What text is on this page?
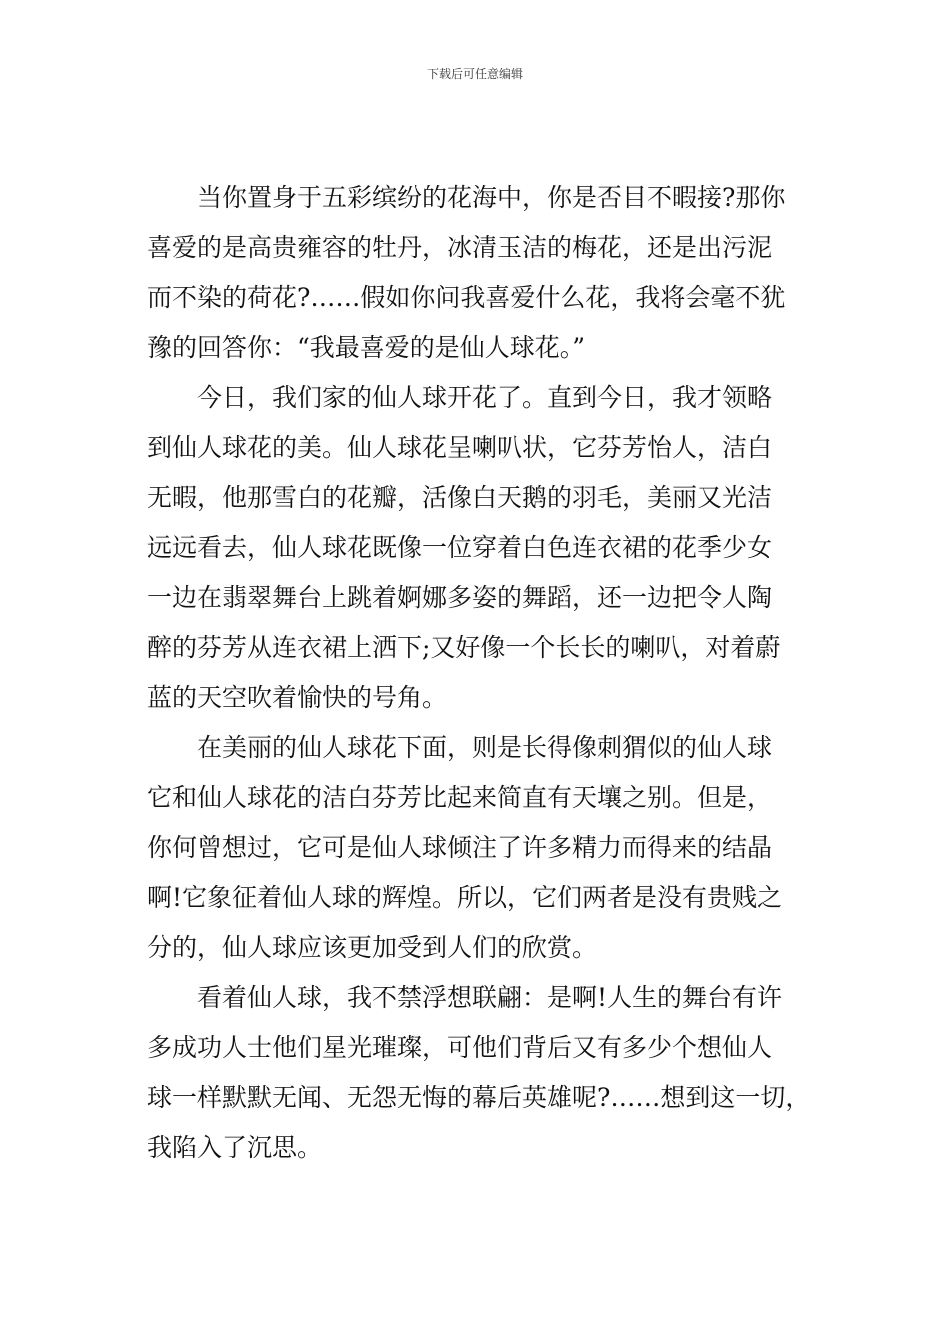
下载后可任意编辑
当你置身于五彩缤纷的花海中，你是否目不暇接?那你
喜爱的是高贵雍容的牡丹，冰清玉洁的梅花，还是出污泥
而不染的荷花?……假如你问我喜爱什么花，我将会毫不犹
豫的回答你：“我最喜爱的是仙人球花。”
今日，我们家的仙人球开花了。直到今日，我才领略
到仙人球花的美。仙人球花呈喇叭状，它芬芳怡人，洁白
无暇，他那雪白的花瓣，活像白天鹅的羽毛，美丽又光洁
远远看去，仙人球花既像一位穿着白色连衣裙的花季少女
一边在翡翠舞台上跳着婀娜多姿的舞蹈，还一边把令人陶
醉的芬芳从连衣裙上洒下;又好像一个长长的喇叭，对着蔚
蓝的天空吹着愉快的号角。
在美丽的仙人球花下面，则是长得像刺猬似的仙人球
它和仙人球花的洁白芬芳比起来简直有天壤之别。但是，
你何曾想过，它可是仙人球倾注了许多精力而得来的结晶
啊!它象征着仙人球的辉煌。所以，它们两者是没有贵贱之
分的，仙人球应该更加受到人们的欣赏。
看着仙人球，我不禁浮想联翩：是啊!人生的舞台有许
多成功人士他们星光璀璨，可他们背后又有多少个想仙人
球一样默默无闻、无怨无悔的幕后英雄呢?……想到这一切，
我陷入了沉思。
